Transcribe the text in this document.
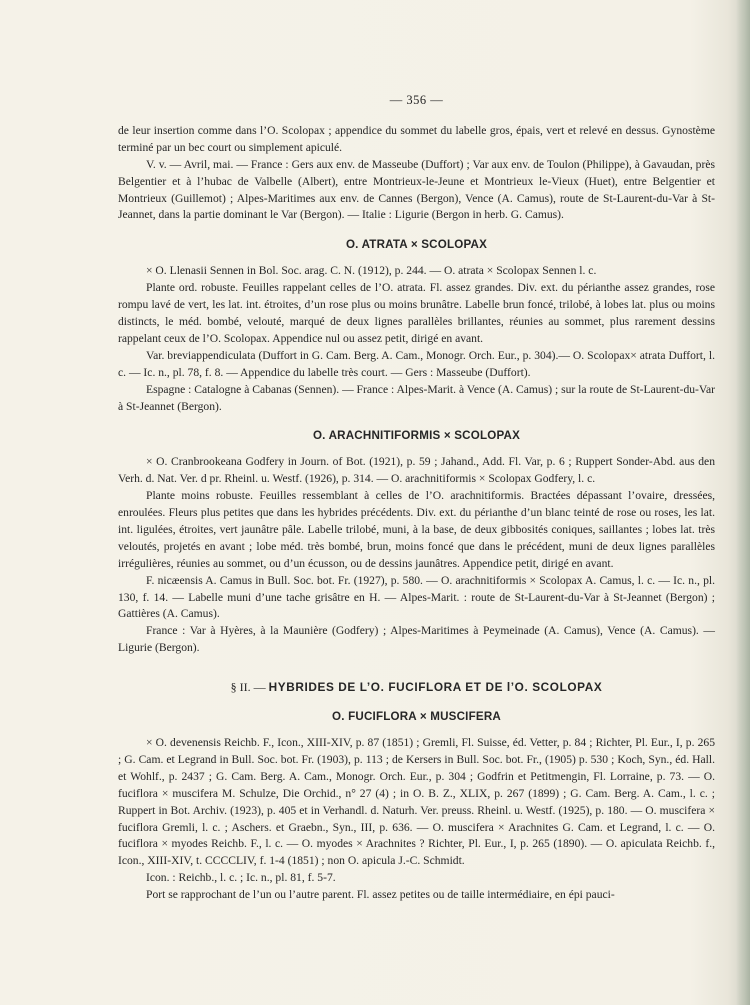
— 356 —

de leur insertion comme dans l’O. Scolopax ; appendice du sommet du labelle gros, épais, vert et relevé en dessus. Gynostème terminé par un bec court ou simplement apiculé.

V. v. — Avril, mai. — France : Gers aux env. de Masseube (Duffort) ; Var aux env. de Toulon (Philippe), à Gavaudan, près Belgentier et à l’hubac de Valbelle (Albert), entre Montrieux-le-Jeune et Montrieux le-Vieux (Huet), entre Belgentier et Montrieux (Guillemot) ; Alpes-Maritimes aux env. de Cannes (Bergon), Vence (A. Camus), route de St-Laurent-du-Var à St-Jeannet, dans la partie dominant le Var (Bergon). — Italie : Ligurie (Bergon in herb. G. Camus).

O. ATRATA × SCOLOPAX

× O. Llenasii Sennen in Bol. Soc. arag. C. N. (1912), p. 244. — O. atrata × Scolopax Sennen l. c.

Plante ord. robuste. Feuilles rappelant celles de l’O. atrata. Fl. assez grandes. Div. ext. du périanthe assez grandes, rose rompu lavé de vert, les lat. int. étroites, d’un rose plus ou moins brunâtre. Labelle brun foncé, trilobé, à lobes lat. plus ou moins distincts, le méd. bombé, velouté, marqué de deux lignes parallèles brillantes, réunies au sommet, plus rarement dessins rappelant ceux de l’O. Scolopax. Appendice nul ou assez petit, dirigé en avant.

Var. breviappendiculata (Duffort in G. Cam. Berg. A. Cam., Monogr. Orch. Eur., p. 304).— O. Scolopax× atrata Duffort, l. c. — Ic. n., pl. 78, f. 8. — Appendice du labelle très court. — Gers : Masseube (Duffort).

Espagne : Catalogne à Cabanas (Sennen). — France : Alpes-Marit. à Vence (A. Camus) ; sur la route de St-Laurent-du-Var à St-Jeannet (Bergon).

O. ARACHNITIFORMIS × SCOLOPAX

× O. Cranbrookeana Godfery in Journ. of Bot. (1921), p. 59 ; Jahand., Add. Fl. Var, p. 6 ; Ruppert Sonder-Abd. aus den Verh. d. Nat. Ver. d pr. Rheinl. u. Westf. (1926), p. 314. — O. arachnitiformis × Scolopax Godfery, l. c.

Plante moins robuste. Feuilles ressemblant à celles de l’O. arachnitiformis. Bractées dépassant l’ovaire, dressées, enroulées. Fleurs plus petites que dans les hybrides précédents. Div. ext. du périanthe d’un blanc teinté de rose ou roses, les lat. int. ligulées, étroites, vert jaunâtre pâle. Labelle trilobé, muni, à la base, de deux gibbosités coniques, saillantes ; lobes lat. très veloutés, projetés en avant ; lobe méd. très bombé, brun, moins foncé que dans le précédent, muni de deux lignes parallèles irrégulières, réunies au sommet, ou d’un écusson, ou de dessins jaunâtres. Appendice petit, dirigé en avant.

F. nicæensis A. Camus in Bull. Soc. bot. Fr. (1927), p. 580. — O. arachnitiformis × Scolopax A. Camus, l. c. — Ic. n., pl. 130, f. 14. — Labelle muni d’une tache grisâtre en H. — Alpes-Marit. : route de St-Laurent-du-Var à St-Jeannet (Bergon) ; Gattières (A. Camus).

France : Var à Hyères, à la Maunière (Godfery) ; Alpes-Maritimes à Peymeinade (A. Camus), Vence (A. Camus). — Ligurie (Bergon).

§ II. — HYBRIDES DE L’O. FUCIFLORA ET DE l’O. SCOLOPAX
O. FUCIFLORA × MUSCIFERA

× O. devenensis Reichb. F., Icon., XIII-XIV, p. 87 (1851) ; Gremli, Fl. Suisse, éd. Vetter, p. 84 ; Richter, Pl. Eur., I, p. 265 ; G. Cam. et Legrand in Bull. Soc. bot. Fr. (1903), p. 113 ; de Kersers in Bull. Soc. bot. Fr., (1905) p. 530 ; Koch, Syn., éd. Hall. et Wohlf., p. 2437 ; G. Cam. Berg. A. Cam., Monogr. Orch. Eur., p. 304 ; Godfrin et Petitmengin, Fl. Lorraine, p. 73. — O. fuciflora × muscifera M. Schulze, Die Orchid., n° 27 (4) ; in O. B. Z., XLIX, p. 267 (1899) ; G. Cam. Berg. A. Cam., l. c. ; Ruppert in Bot. Archiv. (1923), p. 405 et in Verhandl. d. Naturh. Ver. preuss. Rheinl. u. Westf. (1925), p. 180. — O. muscifera × fuciflora Gremli, l. c. ; Aschers. et Graebn., Syn., III, p. 636. — O. muscifera × Arachnites G. Cam. et Legrand, l. c. — O. fuciflora × myodes Reichb. F., l. c. — O. myodes × Arachnites ? Richter, Pl. Eur., I, p. 265 (1890). — O. apiculata Reichb. f., Icon., XIII-XIV, t. CCCCLIV, f. 1-4 (1851) ; non O. apicula J.-C. Schmidt.

Icon. : Reichb., l. c. ; Ic. n., pl. 81, f. 5-7.

Port se rapprochant de l’un ou l’autre parent. Fl. assez petites ou de taille intermédiaire, en épi pauci-
